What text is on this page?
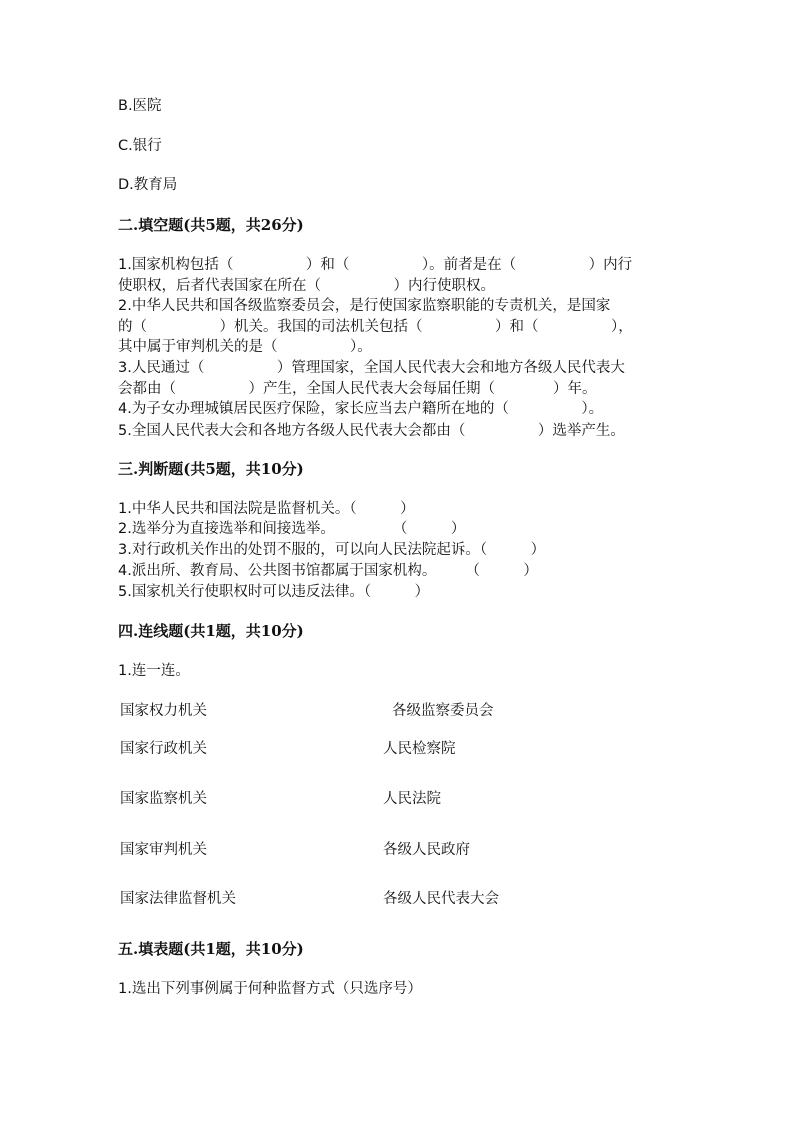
B.医院
C.银行
D.教育局
二.填空题(共5题，共26分)
1.国家机构包括（　　　　　）和（　　　　　）。前者是在（　　　　　）内行
使职权，后者代表国家在所在（　　　　　）内行使职权。
2.中华人民共和国各级监察委员会，是行使国家监察职能的专责机关，是国家
的（　　　　　）机关。我国的司法机关包括（　　　　　）和（　　　　　），
其中属于审判机关的是（　　　　　）。
3.人民通过（　　　　　）管理国家，全国人民代表大会和地方各级人民代表大
会都由（　　　　　）产生，全国人民代表大会每届任期（　　　　）年。
4.为子女办理城镇居民医疗保险，家长应当去户籍所在地的（　　　　　）。
5.全国人民代表大会和各地方各级人民代表大会都由（　　　　　）选举产生。
三.判断题(共5题，共10分)
1.中华人民共和国法院是监督机关。（　　　）
2.选举分为直接选举和间接选举。　　　　　（　　　）
3.对行政机关作出的处罚不服的，可以向人民法院起诉。（　　　）
4.派出所、教育局、公共图书馆都属于国家机构。　　　（　　　）
5.国家机关行使职权时可以违反法律。（　　　）
四.连线题(共1题，共10分)
1.连一连。
国家权力机关	各级监察委员会
国家行政机关	人民检察院
国家监察机关	人民法院
国家审判机关	各级人民政府
国家法律监督机关	各级人民代表大会
五.填表题(共1题，共10分)
1.选出下列事例属于何种监督方式（只选序号）
